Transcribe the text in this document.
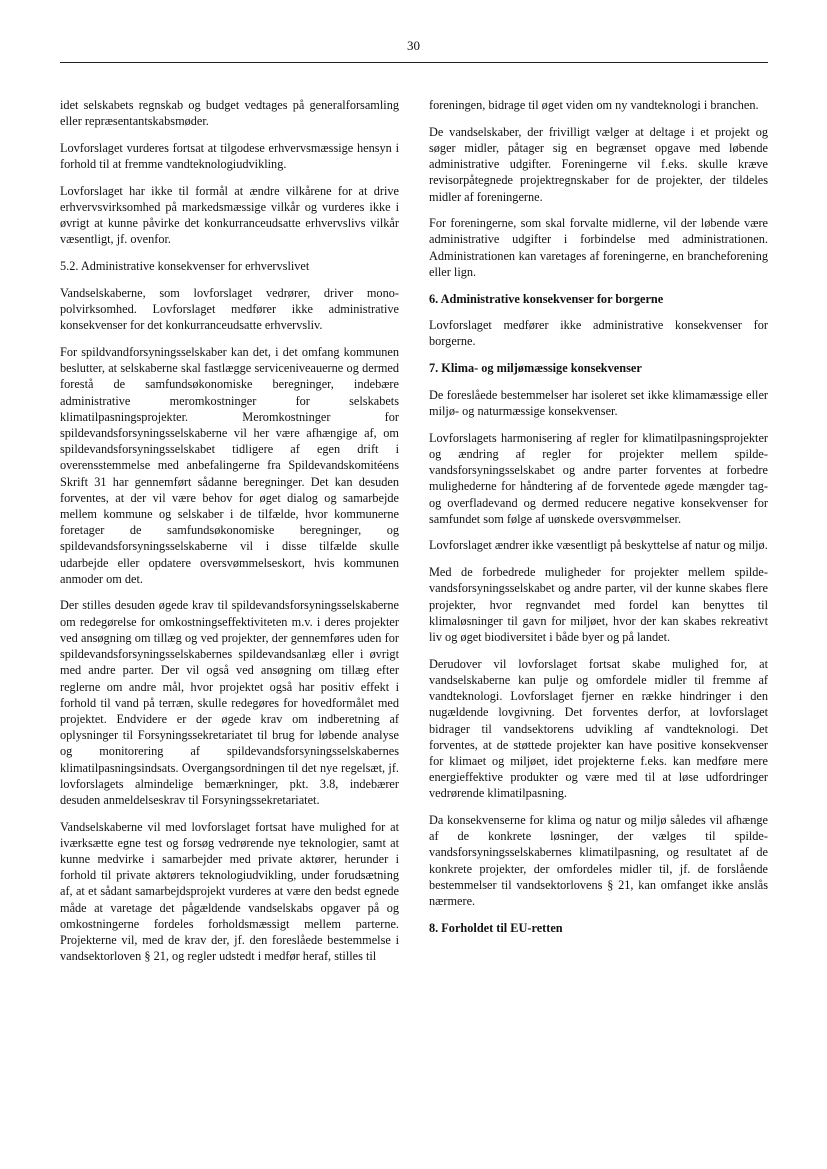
30

idet selskabets regnskab og budget vedtages på generalforsamling eller repræsentantskabsmøder.

Lovforslaget vurderes fortsat at tilgodese erhvervsmæssige hensyn i forhold til at fremme vandteknologiudvikling.

Lovforslaget har ikke til formål at ændre vilkårene for at drive erhvervsvirksomhed på markedsmæssige vilkår og vurderes ikke i øvrigt at kunne påvirke det konkurranceudsatte erhvervslivs vilkår væsentligt, jf. ovenfor.

5.2. Administrative konsekvenser for erhvervslivet

Vandselskaberne, som lovforslaget vedrører, driver monopolvirksomhed. Lovforslaget medfører ikke administrative konsekvenser for det konkurranceudsatte erhvervsliv.

For spildvandforsyningsselskaber kan det, i det omfang kommunen beslutter, at selskaberne skal fastlægge serviceniveauerne og dermed forestå de samfundsøkonomiske beregninger, indebære administrative meromkostninger for selskabets klimatilpasningsprojekter. Meromkostninger for spildevandsforsyningsselskaberne vil her være afhængige af, om spildevandsforsyningsselskabet tidligere af egen drift i overensstemmelse med anbefalingerne fra Spildevandskomitéens Skrift 31 har gennemført sådanne beregninger. Det kan desuden forventes, at der vil være behov for øget dialog og samarbejde mellem kommune og selskaber i de tilfælde, hvor kommunerne foretager de samfundsøkonomiske beregninger, og spildevandsforsyningsselskaberne vil i disse tilfælde skulle udarbejde eller opdatere oversvømmelseskort, hvis kommunen anmoder om det.

Der stilles desuden øgede krav til spildevandsforsyningsselskaberne om redegørelse for omkostningseffektiviteten m.v. i deres projekter ved ansøgning om tillæg og ved projekter, der gennemføres uden for spildevandsforsyningsselskabernes spildevandsanlæg eller i øvrigt med andre parter. Der vil også ved ansøgning om tillæg efter reglerne om andre mål, hvor projektet også har positiv effekt i forhold til vand på terræn, skulle redegøres for hovedformålet med projektet. Endvidere er der øgede krav om indberetning af oplysninger til Forsyningssekretariatet til brug for løbende analyse og monitorering af spildevandsforsyningsselskabernes klimatilpasningsindsats. Overgangsordningen til det nye regelsæt, jf. lovforslagets almindelige bemærkninger, pkt. 3.8, indebærer desuden anmeldelseskrav til Forsyningssekretariatet.

Vandselskaberne vil med lovforslaget fortsat have mulighed for at iværksætte egne test og forsøg vedrørende nye teknologier, samt at kunne medvirke i samarbejder med private aktører, herunder i forhold til private aktørers teknologiudvikling, under forudsætning af, at et sådant samarbejdsprojekt vurderes at være den bedst egnede måde at varetage det pågældende vandselskabs opgaver på og omkostningerne fordeles forholdsmæssigt mellem parterne. Projekterne vil, med de krav der, jf. den foreslåede bestemmelse i vandsektorloven § 21, og regler udstedt i medfør heraf, stilles til

foreningen, bidrage til øget viden om ny vandteknologi i branchen.

De vandselskaber, der frivilligt vælger at deltage i et projekt og søger midler, påtager sig en begrænset opgave med løbende administrative udgifter. Foreningerne vil f.eks. skulle kræve revisorpåtegnede projektregnskaber for de projekter, der tildeles midler af foreningerne.

For foreningerne, som skal forvalte midlerne, vil der løbende være administrative udgifter i forbindelse med administrationen. Administrationen kan varetages af foreningerne, en brancheforening eller lign.

6. Administrative konsekvenser for borgerne

Lovforslaget medfører ikke administrative konsekvenser for borgerne.

7. Klima- og miljømæssige konsekvenser

De foreslåede bestemmelser har isoleret set ikke klimamæssige eller miljø- og naturmæssige konsekvenser.

Lovforslagets harmonisering af regler for klimatilpasningsprojekter og ændring af regler for projekter mellem spildevandsforsyningsselskabet og andre parter forventes at forbedre mulighederne for håndtering af de forventede øgede mængder tag- og overfladevand og dermed reducere negative konsekvenser for samfundet som følge af uønskede oversvømmelser.

Lovforslaget ændrer ikke væsentligt på beskyttelse af natur og miljø.

Med de forbedrede muligheder for projekter mellem spildevandsforsyningsselskabet og andre parter, vil der kunne skabes flere projekter, hvor regnvandet med fordel kan benyttes til klimaløsninger til gavn for miljøet, hvor der kan skabes rekreativt liv og øget biodiversitet i både byer og på landet.

Derudover vil lovforslaget fortsat skabe mulighed for, at vandselskaberne kan pulje og omfordele midler til fremme af vandteknologi. Lovforslaget fjerner en række hindringer i den nugældende lovgivning. Det forventes derfor, at lovforslaget bidrager til vandsektorens udvikling af vandteknologi. Det forventes, at de støttede projekter kan have positive konsekvenser for klimaet og miljøet, idet projekterne f.eks. kan medføre mere energieffektive produkter og være med til at løse udfordringer vedrørende klimatilpasning.

Da konsekvenserne for klima og natur og miljø således vil afhænge af de konkrete løsninger, der vælges til spildevandsforsyningsselskabernes klimatilpasning, og resultatet af de konkrete projekter, der omfordeles midler til, jf. de forslående bestemmelser til vandsektorlovens § 21, kan omfanget ikke anslås nærmere.

8. Forholdet til EU-retten
